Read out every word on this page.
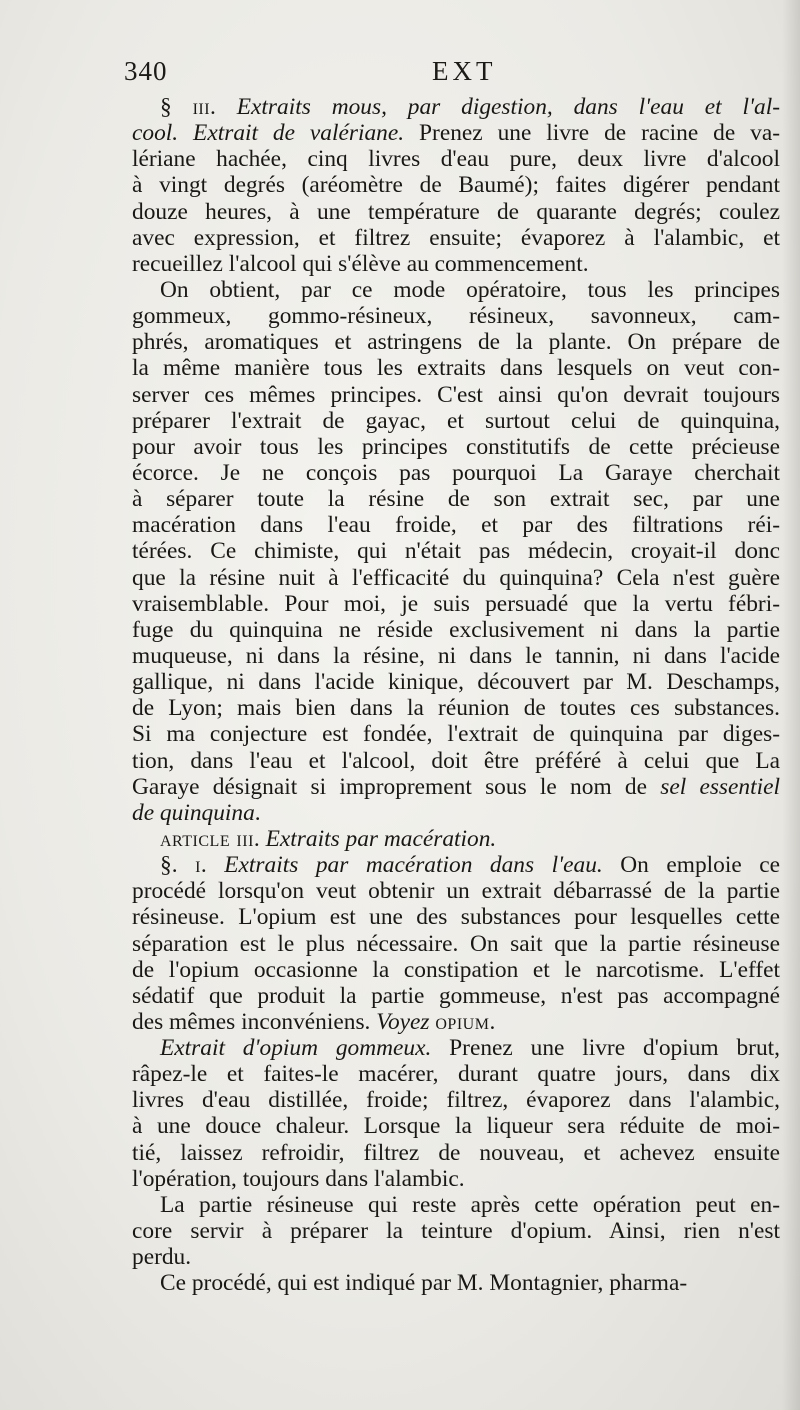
340	EXT
§ iii. Extraits mous, par digestion, dans l'eau et l'al-
cool. Extrait de valériane. Prenez une livre de racine de va-
lériane hachée, cinq livres d'eau pure, deux livre d'alcool
à vingt degrés (aréomètre de Baumé); faites digérer pendant
douze heures, à une température de quarante degrés; coulez
avec expression, et filtrez ensuite; évaporez à l'alambic, et
recueillez l'alcool qui s'élève au commencement.
On obtient, par ce mode opératoire, tous les principes
gommeux, gommo-résineux, résineux, savonneux, cam-
phrés, aromatiques et astringens de la plante. On prépare de
la même manière tous les extraits dans lesquels on veut con-
server ces mêmes principes. C'est ainsi qu'on devrait toujours
préparer l'extrait de gayac, et surtout celui de quinquina,
pour avoir tous les principes constitutifs de cette précieuse
écorce. Je ne conçois pas pourquoi La Garaye cherchait
à séparer toute la résine de son extrait sec, par une
macération dans l'eau froide, et par des filtrations réi-
térées. Ce chimiste, qui n'était pas médecin, croyait-il donc
que la résine nuit à l'efficacité du quinquina? Cela n'est guère
vraisemblable. Pour moi, je suis persuadé que la vertu fébri-
fuge du quinquina ne réside exclusivement ni dans la partie
muqueuse, ni dans la résine, ni dans le tannin, ni dans l'acide
gallique, ni dans l'acide kinique, découvert par M. Deschamps,
de Lyon; mais bien dans la réunion de toutes ces substances.
Si ma conjecture est fondée, l'extrait de quinquina par diges-
tion, dans l'eau et l'alcool, doit être préféré à celui que La
Garaye désignait si improprement sous le nom de sel essentiel
de quinquina.
article iii. Extraits par macération.
§. i. Extraits par macération dans l'eau. On emploie ce
procédé lorsqu'on veut obtenir un extrait débarrassé de la partie
résineuse. L'opium est une des substances pour lesquelles cette
séparation est le plus nécessaire. On sait que la partie résineuse
de l'opium occasionne la constipation et le narcotisme. L'effet
sédatif que produit la partie gommeuse, n'est pas accompagné
des mêmes inconvéniens. Voyez opium.
Extrait d'opium gommeux. Prenez une livre d'opium brut,
râpez-le et faites-le macérer, durant quatre jours, dans dix
livres d'eau distillée, froide; filtrez, évaporez dans l'alambic,
à une douce chaleur. Lorsque la liqueur sera réduite de moi-
tié, laissez refroidir, filtrez de nouveau, et achevez ensuite
l'opération, toujours dans l'alambic.
La partie résineuse qui reste après cette opération peut en-
core servir à préparer la teinture d'opium. Ainsi, rien n'est
perdu.
Ce procédé, qui est indiqué par M. Montagnier, pharma-
